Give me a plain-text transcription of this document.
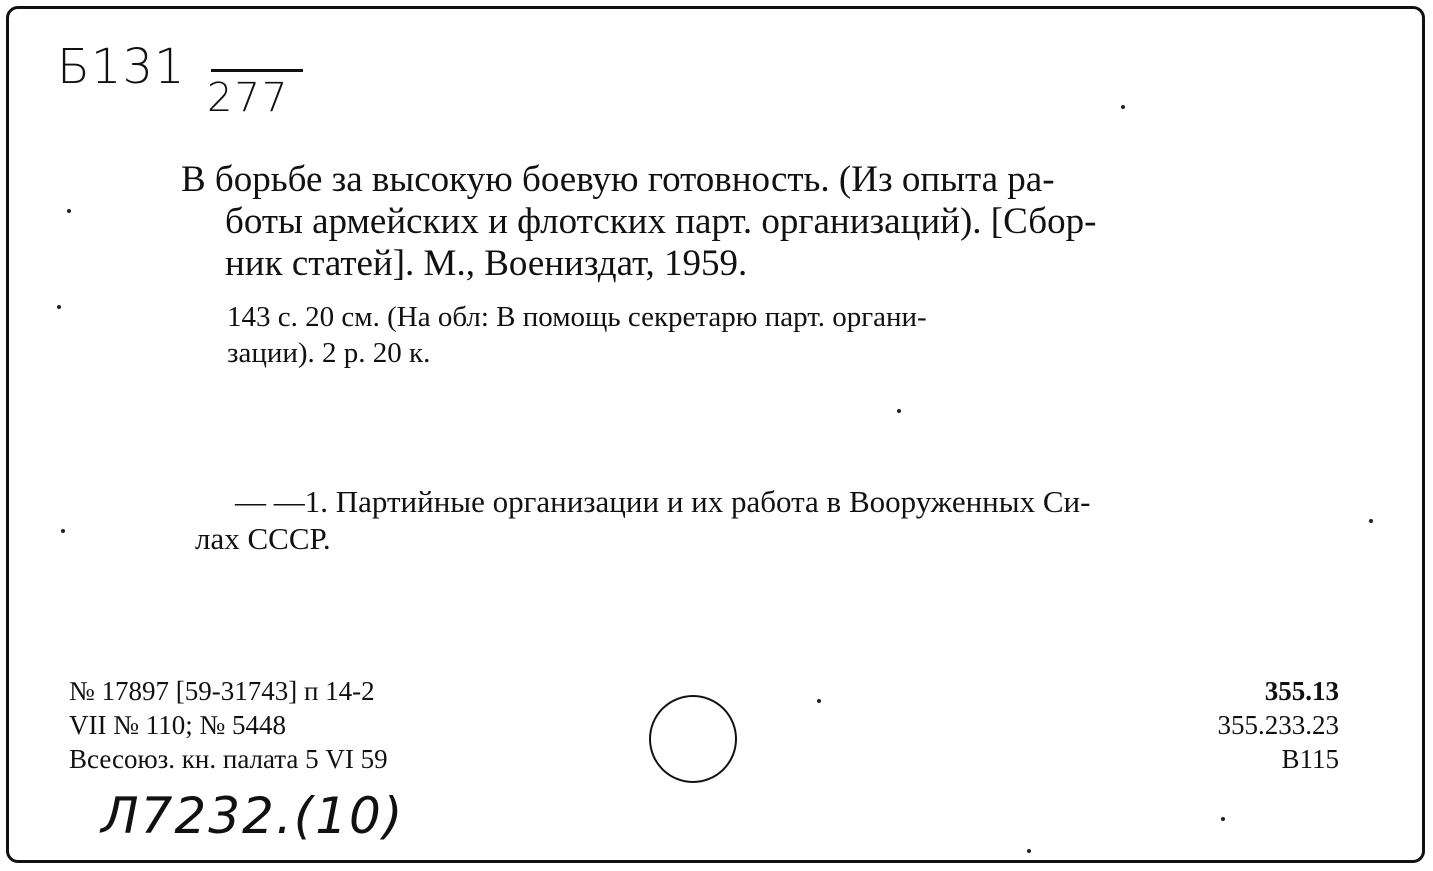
Б131
277
В борьбе за высокую боевую готовность. (Из опыта ра-
боты армейских и флотских парт. организаций). [Сбор-
ник статей]. М., Воениздат, 1959.
143 с. 20 см. (На обл: В помощь секретарю парт. органи-
зации). 2 р. 20 к.
— —1. Партийные организации и их работа в Вооруженных Си-
лах СССР.
№ 17897 [59-31743] п 14-2
VII № 110; № 5448
Всесоюз. кн. палата 5 VI 59
355.13
355.233.23
В115
Л7232.(10)
